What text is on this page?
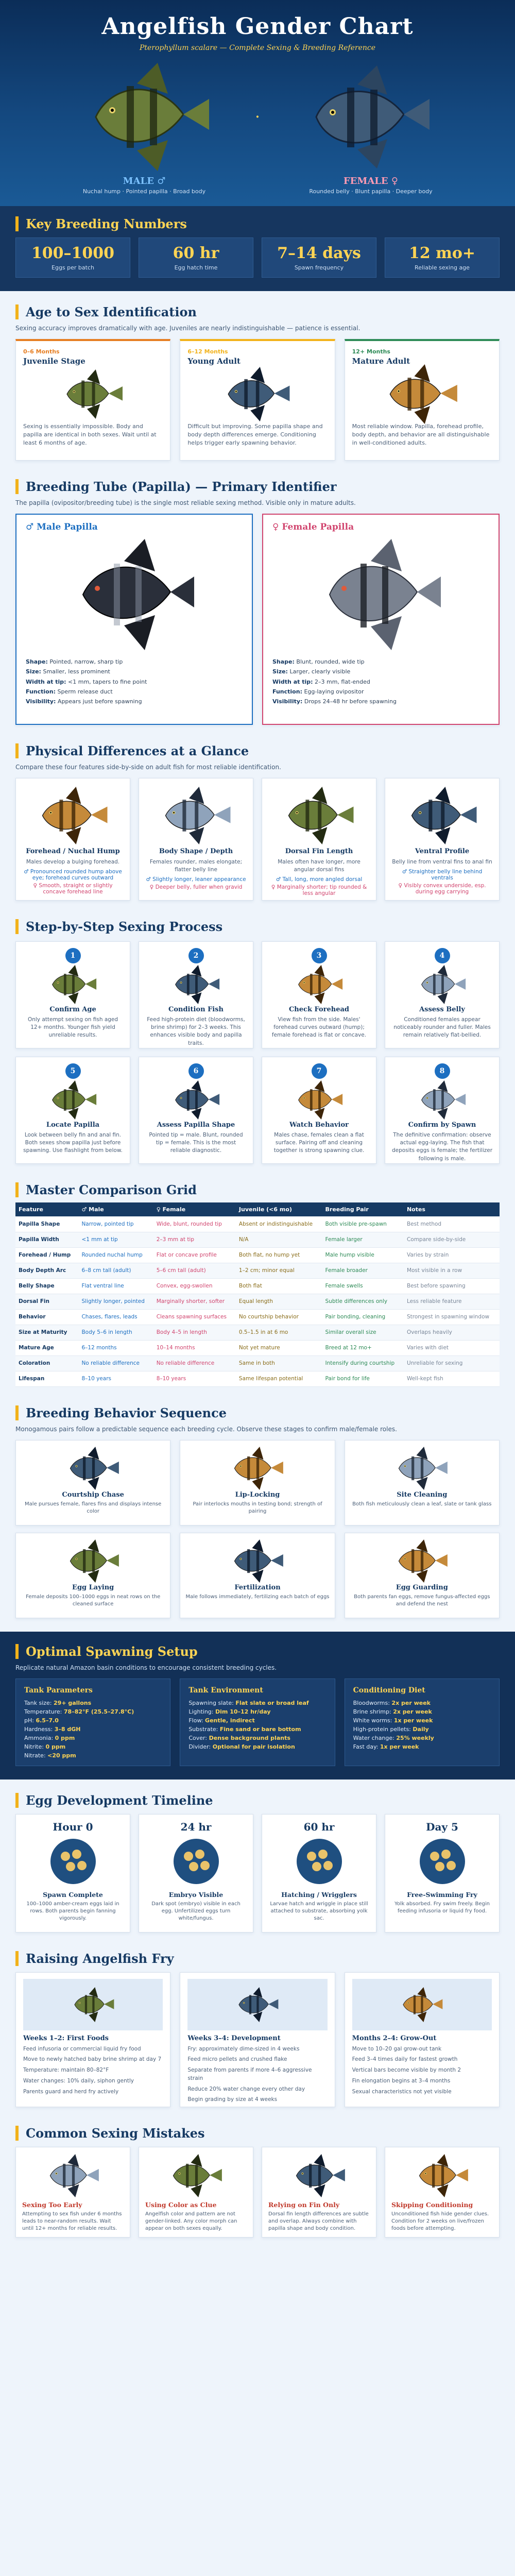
Angelfish Gender Chart
Pterophyllum scalare — Complete Sexing & Breeding Reference
·
MALE ♂
Nuchal hump · Pointed papilla · Broad body
FEMALE ♀
Rounded belly · Blunt papilla · Deeper body
Key Breeding Numbers
100–1000
Eggs per batch
60 hr
Egg hatch time
7–14 days
Spawn frequency
12 mo+
Reliable sexing age
Age to Sex Identification

Sexing accuracy improves dramatically with age. Juveniles are nearly indistinguishable — patience is essential.

0–6 Months
Juvenile Stage
Sexing is essentially impossible. Body and papilla are identical in both sexes. Wait until at least 6 months of age.
6–12 Months
Young Adult
Difficult but improving. Some papilla shape and body depth differences emerge. Conditioning helps trigger early spawning behavior.
12+ Months
Mature Adult
Most reliable window. Papilla, forehead profile, body depth, and behavior are all distinguishable in well-conditioned adults.
Breeding Tube (Papilla) — Primary Identifier

The papilla (ovipositor/breeding tube) is the single most reliable sexing method. Visible only in mature adults.

♂ Male Papilla
Shape: Pointed, narrow, sharp tip
Size: Smaller, less prominent
Width at tip: <1 mm, tapers to fine point
Function: Sperm release duct
Visibility: Appears just before spawning
♀ Female Papilla
Shape: Blunt, rounded, wide tip
Size: Larger, clearly visible
Width at tip: 2–3 mm, flat-ended
Function: Egg-laying ovipositor
Visibility: Drops 24–48 hr before spawning
Physical Differences at a Glance

Compare these four features side-by-side on adult fish for most reliable identification.

Forehead / Nuchal Hump
Males develop a bulging forehead.
♂ Pronounced rounded hump above eye; forehead curves outward
♀ Smooth, straight or slightly concave forehead line
Body Shape / Depth
Females rounder, males elongate; flatter belly line
♂ Slightly longer, leaner appearance
♀ Deeper belly, fuller when gravid
Dorsal Fin Length
Males often have longer, more angular dorsal fins
♂ Tall, long, more angled dorsal
♀ Marginally shorter; tip rounded & less angular
Ventral Profile
Belly line from ventral fins to anal fin
♂ Straighter belly line behind ventrals
♀ Visibly convex underside, esp. during egg carrying
Step-by-Step Sexing Process
1
Confirm Age
Only attempt sexing on fish aged 12+ months. Younger fish yield unreliable results.
2
Condition Fish
Feed high-protein diet (bloodworms, brine shrimp) for 2–3 weeks. This enhances visible body and papilla traits.
3
Check Forehead
View fish from the side. Males' forehead curves outward (hump); female forehead is flat or concave.
4
Assess Belly
Conditioned females appear noticeably rounder and fuller. Males remain relatively flat-bellied.
5
Locate Papilla
Look between belly fin and anal fin. Both sexes show papilla just before spawning. Use flashlight from below.
6
Assess Papilla Shape
Pointed tip = male. Blunt, rounded tip = female. This is the most reliable diagnostic.
7
Watch Behavior
Males chase, females clean a flat surface. Pairing off and cleaning together is strong spawning clue.
8
Confirm by Spawn
The definitive confirmation: observe actual egg-laying. The fish that deposits eggs is female; the fertilizer following is male.
Master Comparison Grid
Feature	♂ Male	♀ Female	Juvenile (<6 mo)	Breeding Pair	Notes
Papilla Shape	Narrow, pointed tip	Wide, blunt, rounded tip	Absent or indistinguishable	Both visible pre-spawn	Best method
Papilla Width	<1 mm at tip	2–3 mm at tip	N/A	Female larger	Compare side-by-side
Forehead / Hump	Rounded nuchal hump	Flat or concave profile	Both flat, no hump yet	Male hump visible	Varies by strain
Body Depth Arc	6–8 cm tall (adult)	5–6 cm tall (adult)	1–2 cm; minor equal	Female broader	Most visible in a row
Belly Shape	Flat ventral line	Convex, egg-swollen	Both flat	Female swells	Best before spawning
Dorsal Fin	Slightly longer, pointed	Marginally shorter, softer	Equal length	Subtle differences only	Less reliable feature
Behavior	Chases, flares, leads	Cleans spawning surfaces	No courtship behavior	Pair bonding, cleaning	Strongest in spawning window
Size at Maturity	Body 5–6 in length	Body 4–5 in length	0.5–1.5 in at 6 mo	Similar overall size	Overlaps heavily
Mature Age	6–12 months	10–14 months	Not yet mature	Breed at 12 mo+	Varies with diet
Coloration	No reliable difference	No reliable difference	Same in both	Intensify during courtship	Unreliable for sexing
Lifespan	8–10 years	8–10 years	Same lifespan potential	Pair bond for life	Well-kept fish
Breeding Behavior Sequence

Monogamous pairs follow a predictable sequence each breeding cycle. Observe these stages to confirm male/female roles.

Courtship Chase
Male pursues female, flares fins and displays intense color
Lip-Locking
Pair interlocks mouths in testing bond; strength of pairing
Site Cleaning
Both fish meticulously clean a leaf, slate or tank glass
Egg Laying
Female deposits 100–1000 eggs in neat rows on the cleaned surface
Fertilization
Male follows immediately, fertilizing each batch of eggs
Egg Guarding
Both parents fan eggs, remove fungus-affected eggs and defend the nest
Optimal Spawning Setup

Replicate natural Amazon basin conditions to encourage consistent breeding cycles.

Tank Parameters
Tank size: 29+ gallons
Temperature: 78–82°F (25.5–27.8°C)
pH: 6.5–7.0
Hardness: 3–8 dGH
Ammonia: 0 ppm
Nitrite: 0 ppm
Nitrate: <20 ppm
Tank Environment
Spawning slate: Flat slate or broad leaf
Lighting: Dim 10–12 hr/day
Flow: Gentle, indirect
Substrate: Fine sand or bare bottom
Cover: Dense background plants
Divider: Optional for pair isolation
Conditioning Diet
Bloodworms: 2x per week
Brine shrimp: 2x per week
White worms: 1x per week
High-protein pellets: Daily
Water change: 25% weekly
Fast day: 1x per week
Egg Development Timeline
Hour 0
Spawn Complete
100–1000 amber-cream eggs laid in rows. Both parents begin fanning vigorously.
24 hr
Embryo Visible
Dark spot (embryo) visible in each egg. Unfertilized eggs turn white/fungus.
60 hr
Hatching / Wrigglers
Larvae hatch and wriggle in place still attached to substrate, absorbing yolk sac.
Day 5
Free-Swimming Fry
Yolk absorbed. Fry swim freely. Begin feeding infusoria or liquid fry food.
Raising Angelfish Fry
Weeks 1–2: First Foods
Feed infusoria or commercial liquid fry food
Move to newly hatched baby brine shrimp at day 7
Temperature: maintain 80–82°F
Water changes: 10% daily, siphon gently
Parents guard and herd fry actively
Weeks 3–4: Development
Fry: approximately dime-sized in 4 weeks
Feed micro pellets and crushed flake
Separate from parents if more 4–6 aggressive strain
Reduce 20% water change every other day
Begin grading by size at 4 weeks
Months 2–4: Grow-Out
Move to 10–20 gal grow-out tank
Feed 3–4 times daily for fastest growth
Vertical bars become visible by month 2
Fin elongation begins at 3–4 months
Sexual characteristics not yet visible
Common Sexing Mistakes
Sexing Too Early
Attempting to sex fish under 6 months leads to near-random results. Wait until 12+ months for reliable results.
Using Color as Clue
Angelfish color and pattern are not gender-linked. Any color morph can appear on both sexes equally.
Relying on Fin Only
Dorsal fin length differences are subtle and overlap. Always combine with papilla shape and body condition.
Skipping Conditioning
Unconditioned fish hide gender clues. Condition for 2 weeks on live/frozen foods before attempting.
